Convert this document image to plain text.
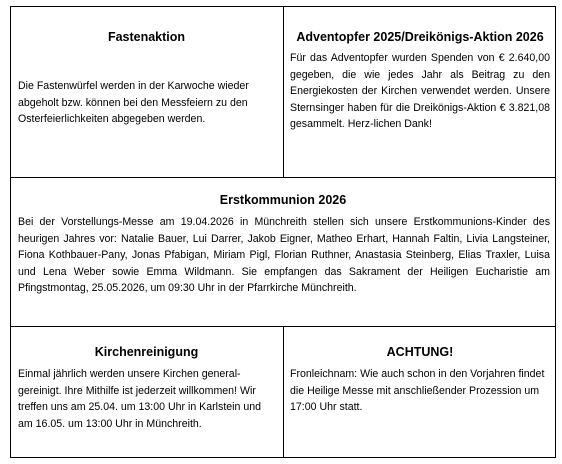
Fastenaktion
Die Fastenwürfel werden in der Karwoche wieder abgeholt bzw. können bei den Messfeiern zu den Osterfeierlichkeiten abgegeben werden.
Adventopfer 2025/Dreikönigs-Aktion 2026
Für das Adventopfer wurden Spenden von € 2.640,00 gegeben, die wie jedes Jahr als Beitrag zu den Energiekosten der Kirchen verwendet werden. Unsere Sternsinger haben für die Dreikönigs-Aktion € 3.821,08 gesammelt. Herz-lichen Dank!
Erstkommunion 2026
Bei der Vorstellungs-Messe am 19.04.2026 in Münchreith stellen sich unsere Erstkommunions-Kinder des heurigen Jahres vor: Natalie Bauer, Lui Darrer, Jakob Eigner, Matheo Erhart, Hannah Faltin, Livia Langsteiner, Fiona Kothbauer-Pany, Jonas Pfabigan, Miriam Pigl, Florian Ruthner, Anastasia Steinberg, Elias Traxler, Luisa und Lena Weber sowie Emma Wildmann. Sie empfangen das Sakrament der Heiligen Eucharistie am Pfingstmontag, 25.05.2026, um 09:30 Uhr in der Pfarrkirche Münchreith.
Kirchenreinigung
Einmal jährlich werden unsere Kirchen general-gereinigt. Ihre Mithilfe ist jederzeit willkommen! Wir treffen uns am 25.04. um 13:00 Uhr in Karlstein und am 16.05. um 13:00 Uhr in Münchreith.
ACHTUNG!
Fronleichnam: Wie auch schon in den Vorjahren findet die Heilige Messe mit anschließender Prozession um 17:00 Uhr statt.
